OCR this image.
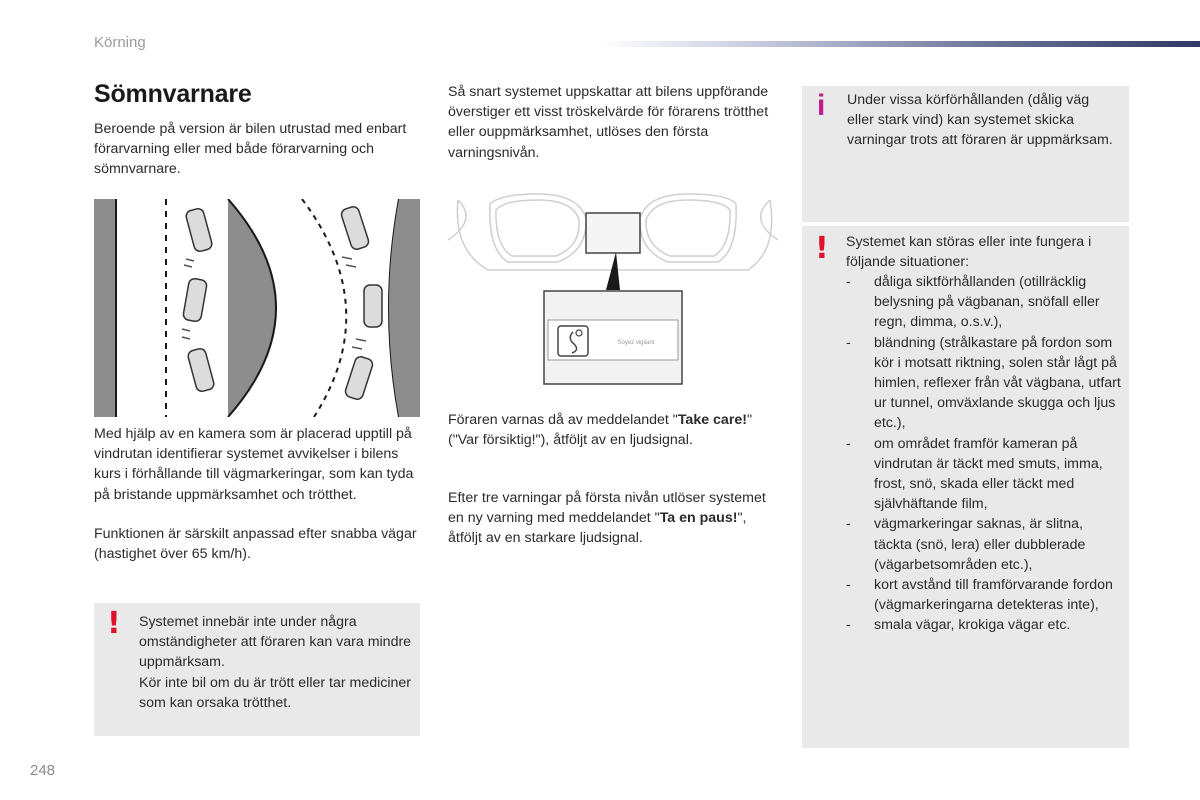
Körning
Sömnvarnare

Beroende på version är bilen utrustad med enbart förarvarning eller med både förarvarning och sömnvarnare.

Med hjälp av en kamera som är placerad upptill på vindrutan identifierar systemet avvikelser i bilens kurs i förhållande till vägmarkeringar, som kan tyda på bristande uppmärksamhet och trötthet.

Funktionen är särskilt anpassad efter snabba vägar (hastighet över 65 km/h).

! Systemet innebär inte under några omständigheter att föraren kan vara mindre uppmärksam.
Kör inte bil om du är trött eller tar mediciner som kan orsaka trötthet.

Så snart systemet uppskattar att bilens uppförande överstiger ett visst tröskelvärde för förarens trötthet eller ouppmärksamhet, utlöses den första varningsnivån.

Soyez vigilant

Föraren varnas då av meddelandet "Take care!" ("Var försiktig!"), åtföljt av en ljudsignal.

Efter tre varningar på första nivån utlöser systemet en ny varning med meddelandet "Ta en paus!", åtföljt av en starkare ljudsignal.

i Under vissa körförhållanden (dålig väg eller stark vind) kan systemet skicka varningar trots att föraren är uppmärksam.

! Systemet kan störas eller inte fungera i följande situationer:

- dåliga siktförhållanden (otillräcklig belysning på vägbanan, snöfall eller regn, dimma, o.s.v.),
- bländning (strålkastare på fordon som kör i motsatt riktning, solen står lågt på himlen, reflexer från våt vägbana, utfart ur tunnel, omväxlande skugga och ljus etc.),
- om området framför kameran på vindrutan är täckt med smuts, imma, frost, snö, skada eller täckt med självhäftande film,
- vägmarkeringar saknas, är slitna, täckta (snö, lera) eller dubblerade (vägarbetsområden etc.),
- kort avstånd till framförvarande fordon (vägmarkeringarna detekteras inte),
- smala vägar, krokiga vägar etc.
248
